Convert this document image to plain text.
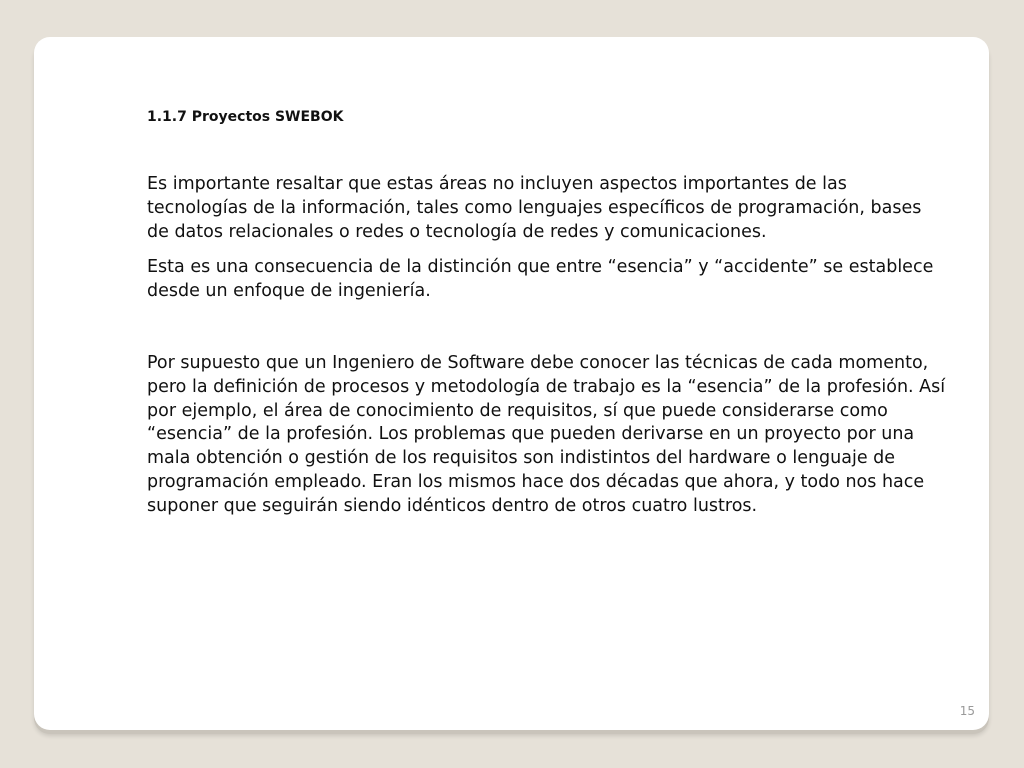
1.1.7 Proyectos SWEBOK

Es importante resaltar que estas áreas no incluyen aspectos importantes de las tecnologías de la información, tales como lenguajes específicos de programación, bases de datos relacionales o redes o tecnología de redes y comunicaciones.

Esta es una consecuencia de la distinción que entre “esencia” y “accidente” se establece desde un enfoque de ingeniería.

Por supuesto que un Ingeniero de Software debe conocer las técnicas de cada momento, pero la definición de procesos y metodología de trabajo es la “esencia” de la profesión. Así por ejemplo, el área de conocimiento de requisitos, sí que puede considerarse como “esencia” de la profesión. Los problemas que pueden derivarse en un proyecto por una mala obtención o gestión de los requisitos son indistintos del hardware o lenguaje de programación empleado. Eran los mismos hace dos décadas que ahora, y todo nos hace suponer que seguirán siendo idénticos dentro de otros cuatro lustros.

15
